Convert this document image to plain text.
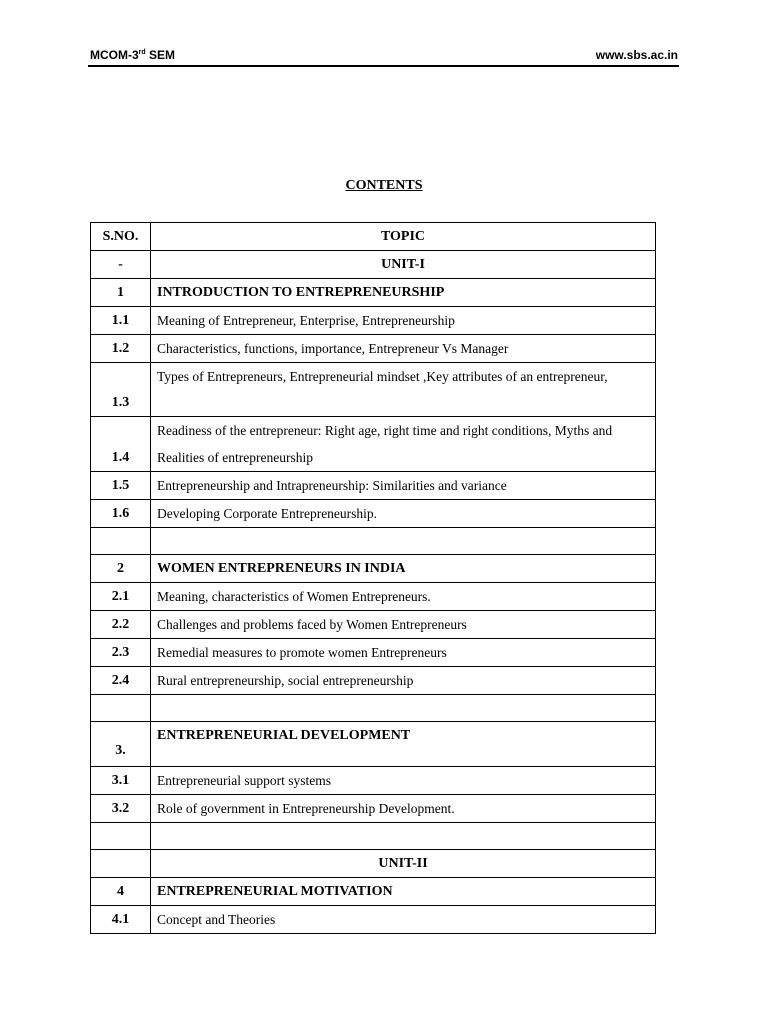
MCOM-3rd SEM	www.sbs.ac.in
CONTENTS
S.NO.	TOPIC
-	UNIT-I
1	INTRODUCTION TO ENTREPRENEURSHIP
1.1	Meaning of Entrepreneur, Enterprise, Entrepreneurship
1.2	Characteristics, functions, importance, Entrepreneur Vs Manager
1.3	Types of Entrepreneurs, Entrepreneurial mindset ,Key attributes of an entrepreneur,
1.4	Readiness of the entrepreneur: Right age, right time and right conditions, Myths and Realities of entrepreneurship
1.5	Entrepreneurship and Intrapreneurship: Similarities and variance
1.6	Developing Corporate Entrepreneurship.

2	WOMEN ENTREPRENEURS IN INDIA
2.1	Meaning, characteristics of Women Entrepreneurs.
2.2	Challenges and problems faced by Women Entrepreneurs
2.3	Remedial measures to promote women Entrepreneurs
2.4	Rural entrepreneurship, social entrepreneurship

3.	ENTREPRENEURIAL DEVELOPMENT
3.1	Entrepreneurial support systems
3.2	Role of government in Entrepreneurship Development.

	UNIT-II
4	ENTREPRENEURIAL MOTIVATION
4.1	Concept and Theories
